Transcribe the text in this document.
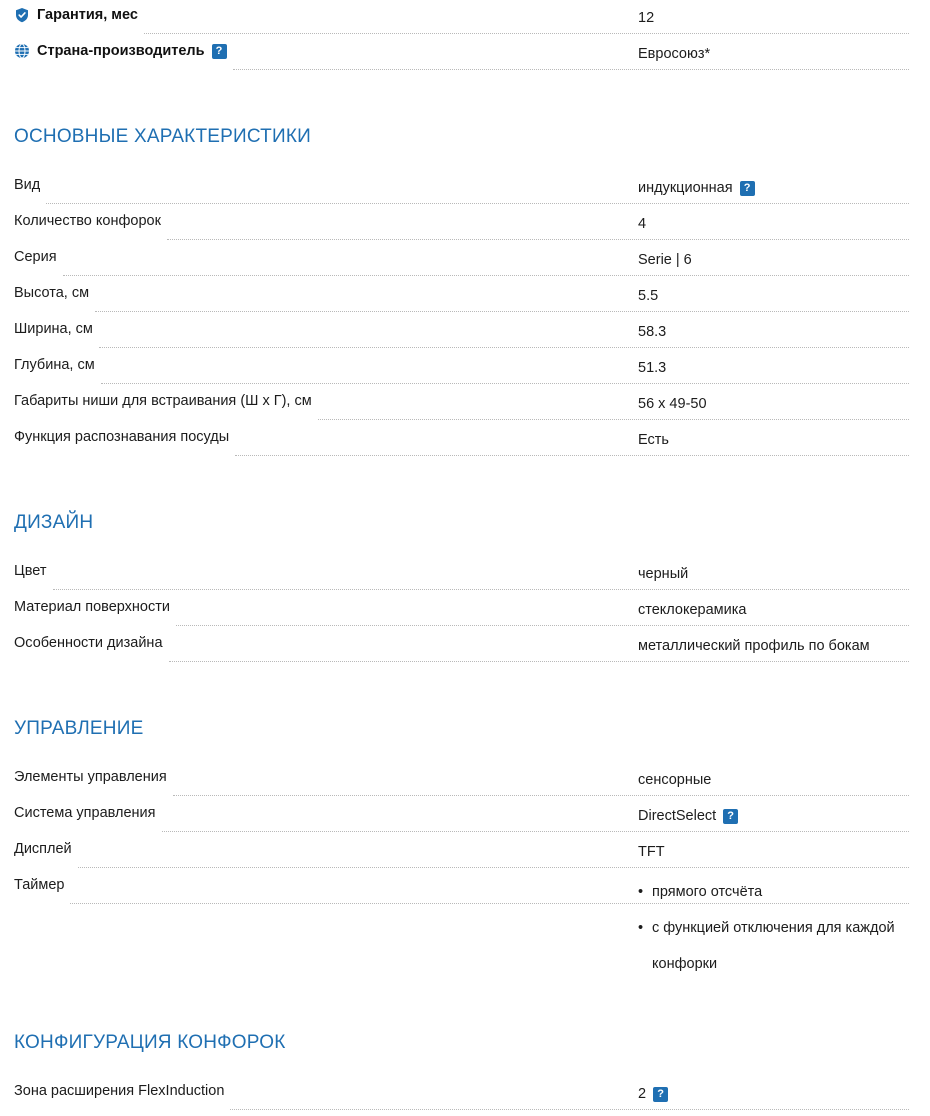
Гарантия, мес	12
Страна-производитель	?	Евросоюз*
ОСНОВНЫЕ ХАРАКТЕРИСТИКИ
Вид	индукционная	?
Количество конфорок	4
Серия	Serie | 6
Высота, см	5.5
Ширина, см	58.3
Глубина, см	51.3
Габариты ниши для встраивания (Ш х Г), см	56 x 49-50
Функция распознавания посуды	Есть
ДИЗАЙН
Цвет	черный
Материал поверхности	стеклокерамика
Особенности дизайна	металлический профиль по бокам
УПРАВЛЕНИЕ
Элементы управления	сенсорные
Система управления	DirectSelect	?
Дисплей	TFT
Таймер	• прямого отсчёта
• с функцией отключения для каждой конфорки
КОНФИГУРАЦИЯ КОНФОРОК
Зона расширения FlexInduction	2	?
